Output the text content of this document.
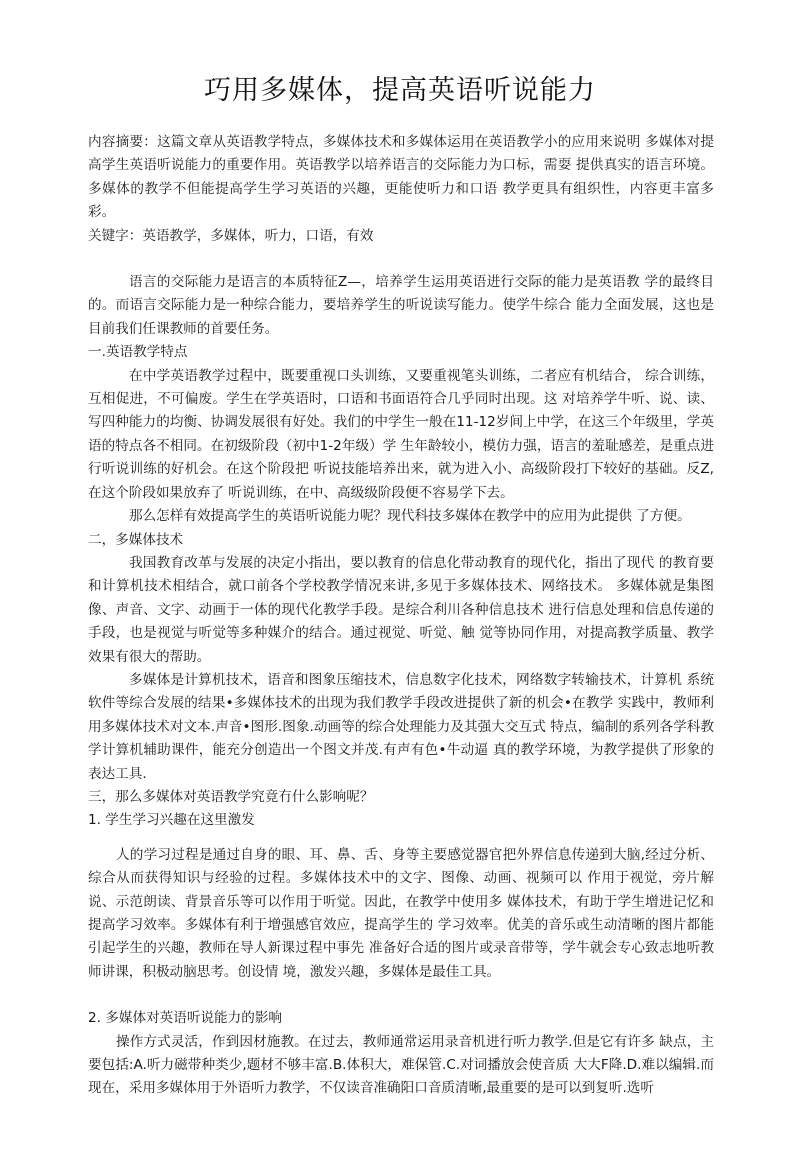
巧用多媒体，提高英语听说能力

内容摘要：这篇文章从英语教学特点，多媒体技术和多媒体运用在英语教学小的应用来说明 多媒体对提高学生英语听说能力的重要作用。英语教学以培养语言的交际能力为口标，需耍 提供真实的语言环境。多媒体的教学不但能提高学生学习英语的兴趣，更能使听力和口语 教学更具有组织性，内容更丰富多彩。

关键字：英语教学，多媒体，听力，口语，有效

语言的交际能力是语言的本质特征Z—，培养学生运用英语进行交际的能力是英语教 学的最终目的。而语言交际能力是一种综合能力，要培养学生的听说读写能力。使学牛综合 能力全面发展，这也是目前我们任课教师的首要任务。

一.英语教学特点

在中学英语教学过程中，既要重视口头训练，又要重视笔头训练，二者应有机结合， 综合训练，互相促进，不可偏废。学生在学英语时，口语和书面语符合几乎同时出现。这 对培养学牛听、说、读、写四种能力的均衡、协调发展很有好处。我们的中学生一般在11-12岁间上中学，在这三个年级里，学英语的特点各不相同。在初级阶段（初中1-2年级）学 生年龄较小，模仿力强，语言的羞耻感差，是重点进行听说训练的好机会。在这个阶段把 听说技能培养出来，就为进入小、高级阶段打下较好的基础。反Z,在这个阶段如果放弃了 听说训练，在中、高级级阶段便不容易学下去。

那么怎样有效提高学生的英语听说能力呢？现代科技多媒体在教学中的应用为此提供 了方便。

二，多媒体技术

我国教育改革与发展的决定小指出，要以教育的信息化带动教育的现代化，指出了现代 的教育要和计算机技术相结合，就口前各个学校教学情况来讲,多见于多媒体技术、网络技术。 多媒体就是集图像、声音、文字、动画于一体的现代化教学手段。是综合利川各种信息技术 进行信息处理和信息传递的手段，也是视觉与听觉等多种媒介的结合。通过视觉、听觉、触 觉等协同作用，对提高教学质量、教学效果有很大的帮助。

多媒体是计算机技术，语音和图象压缩技术，信息数字化技术，网络数字转输技术，计算机 系统软件等综合发展的结果•多媒体技术的出现为我们教学手段改进提供了新的机会•在教学 实践中，教师利用多媒体技术对文本.声音•图形.图象.动画等的综合处理能力及其强大交互式 特点，编制的系列各学科教学计算机辅助课件，能充分创造出一个图文并茂.有声有色•牛动逼 真的教学环境，为教学提供了形象的表达工具.

三，那么多媒体对英语教学究竟冇什么影响呢？

1. 学生学习兴趣在这里激发

人的学习过程是通过自身的眼、耳、鼻、舌、身等主要感觉器官把外界信息传递到大脑,经过分析、综合从而获得知识与经验的过程。多媒体技术中的文字、图像、动画、视频可以 作用于视觉，旁片解说、示范朗读、背景音乐等可以作用于听觉。因此，在教学中使用多 媒体技术，有助于学生增进记忆和提高学习效率。多媒体有利于增强感官效应，提高学生的 学习效率。优美的音乐或生动清晰的图片都能引起学生的兴趣，教师在导人新课过程中事先 准备好合适的图片或录音带等，学牛就会专心致志地听教师讲课，积极动脑思考。创设情 境，激发兴趣，多媒体是最佳工具。

2. 多媒体对英语听说能力的影响

操作方式灵活，作到因材施教。在过去，教师通常运用录音机进行听力教学.但是它有许多 缺点，主要包括:A.听力磁带种类少,题材不够丰富.B.体积大，难保管.C.对词播放会使音质 大大F降.D.难以编辑.而现在，采用多媒体用于外语听力教学，不仅读音准确阳口音质清晰,最重要的是可以到复听.选听
